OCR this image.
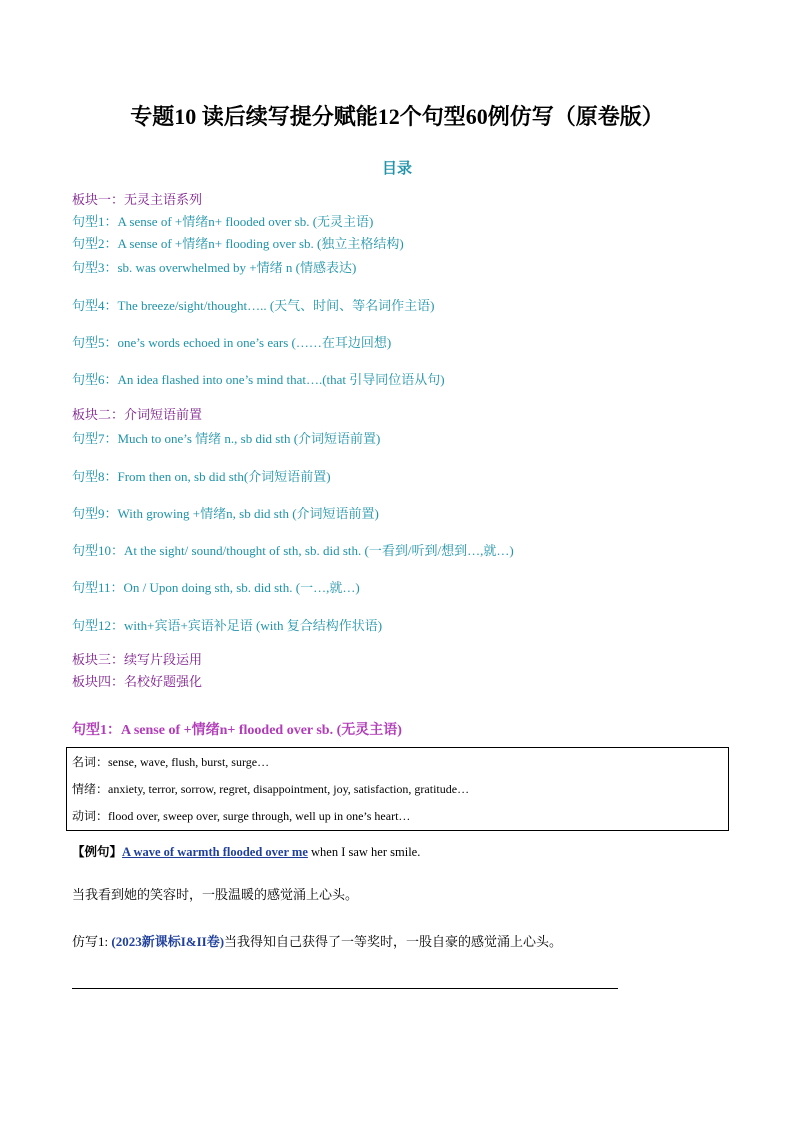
专题10 读后续写提分赋能12个句型60例仿写（原卷版）
目录
板块一：无灵主语系列
句型1：A sense of +情绪n+ flooded over sb. (无灵主语)
句型2：A sense of +情绪n+ flooding over sb. (独立主格结构)
句型3：sb. was overwhelmed by +情绪 n (情感表达)
句型4：The breeze/sight/thought….. (天气、时间、等名词作主语)
句型5：one’s words echoed in one’s ears (……在耳边回想)
句型6：An idea flashed into one’s mind that….(that 引导同位语从句)
板块二：介词短语前置
句型7：Much to one’s 情绪 n., sb did sth (介词短语前置)
句型8：From then on, sb did sth(介词短语前置)
句型9：With growing +情绪n, sb did sth (介词短语前置)
句型10：At the sight/ sound/thought of sth, sb. did sth. (一看到/听到/想到…,就…)
句型11：On / Upon doing sth, sb. did sth. (一…,就…)
句型12：with+宾语+宾语补足语 (with 复合结构作状语)
板块三：续写片段运用
板块四：名校好题强化
句型1：A sense of +情绪n+ flooded over sb. (无灵主语)
名词：sense, wave, flush, burst, surge…
情绪：anxiety, terror, sorrow, regret, disappointment, joy, satisfaction, gratitude…
动词：flood over, sweep over, surge through, well up in one’s heart…
【例句】A wave of warmth flooded over me when I saw her smile.
当我看到她的笑容时，一股温暖的感觉涌上心头。
仿写1: (2023新课标I&II卷)当我得知自己获得了一等奖时，一股自豪的感觉涌上心头。
